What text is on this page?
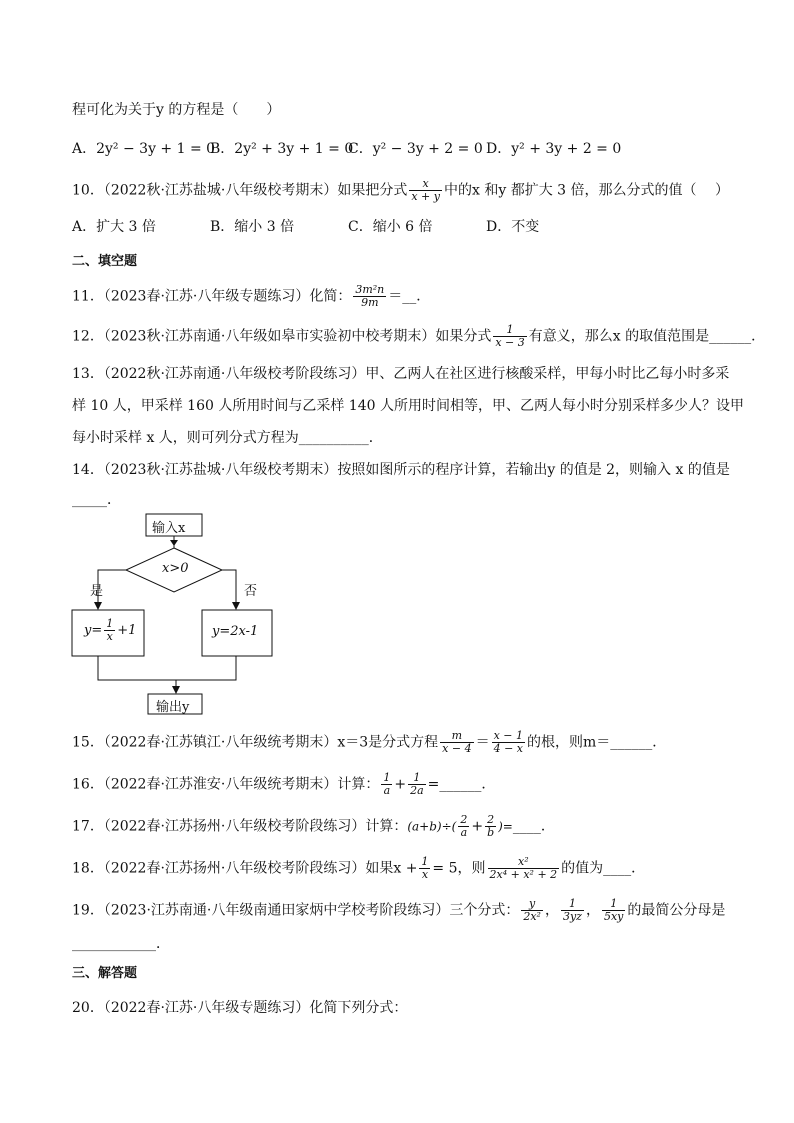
程可化为关于y 的方程是（　　）
A．2y² − 3y + 1 = 0
B．2y² + 3y + 1 = 0
C．y² − 3y + 2 = 0 D．y² + 3y + 2 = 0
10．（2022秋·江苏盐城·八年级校考期末）如果把分式 $\frac{x}{x + y}$ 中的x 和y 都扩大 3 倍，那么分式的值（　 ）
A．扩大 3 倍	B．缩小 3 倍	C．缩小 6 倍	D．不变
二、填空题
11．（2023春·江苏·八年级专题练习）化简： $\frac{\text{3m²n}}{9m}$ ＝__．
12．（2023秋·江苏南通·八年级如皋市实验初中校考期末）如果分式 $\frac{1}{x - 3}$ 有意义，那么x 的取值范围是______．
13．（2022秋·江苏南通·八年级校考阶段练习）甲、乙两人在社区进行核酸采样，甲每小时比乙每小时多采
样 10 人，甲采样 160 人所用时间与乙采样 140 人所用时间相等，甲、乙两人每小时分别采样多少人？设甲
每小时采样 x 人，则可列分式方程为__________．
14．（2023秋·江苏盐城·八年级校考期末）按照如图所示的程序计算，若输出y 的值是 2，则输入 x 的值是
_____．
输入x
x>0
是	否
$y= \frac{1}{x} +1$	y=2x-1
输出y
15．（2022春·江苏镇江·八年级统考期末）x＝3是分式方程 $\frac{m}{x - 4} = \frac{x - 1}{4 - x}$ 的根，则m＝______．
16．（2022春·江苏淮安·八年级统考期末）计算： $\frac{1}{a} + \frac{1}{2a}$ =______．
17．（2022春·江苏扬州·八年级校考阶段练习）计算：$(a+b)\div( \frac{2}{a} + \frac{2}{b}$ )=____．
18．（2022春·江苏扬州·八年级校考阶段练习）如果$x + \frac{1}{x} = 5$，则 $\frac{\text{x²}}{\text{2x⁴ + x² + 2}}$ 的值为____．
19．（2023·江苏南通·八年级南通田家炳中学校考阶段练习）三个分式： $\frac{y}{\text{2x²}}$ ， $\frac{1}{3yz}$ ， $\frac{1}{5xy}$ 的最简公分母是
____________．
三、解答题
20．（2022春·江苏·八年级专题练习）化简下列分式：
